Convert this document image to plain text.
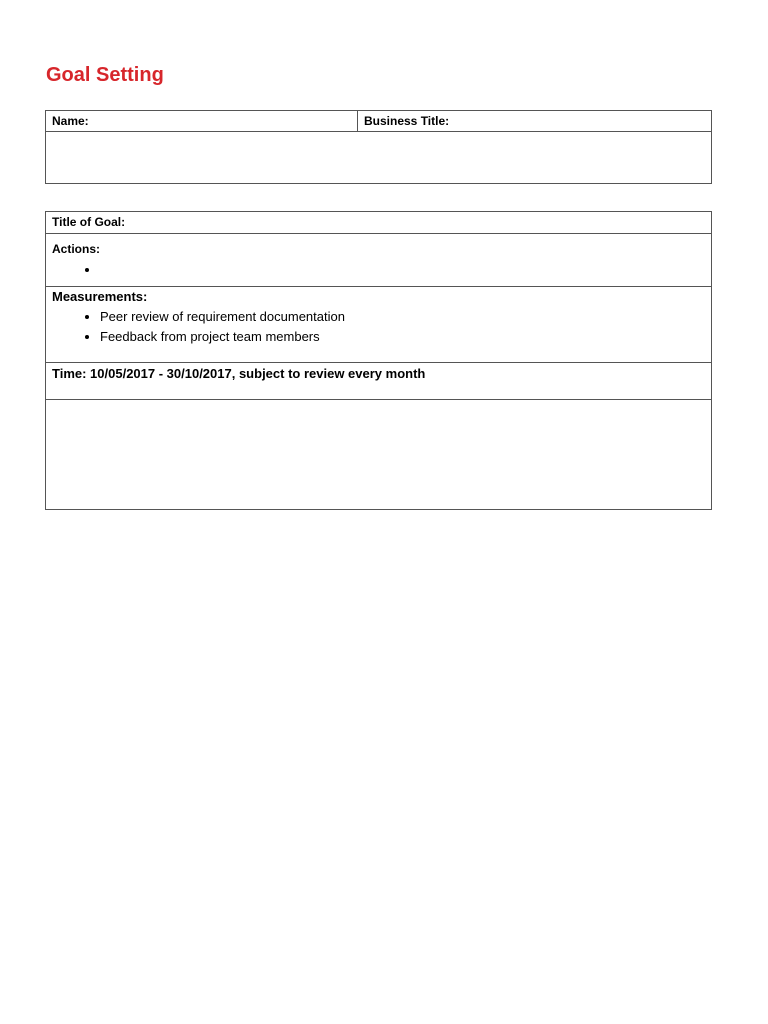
Goal Setting
Name:	Business Title:

Title of Goal:

Actions:
•

Measurements:
• Peer review of requirement documentation
• Feedback from project team members

Time: 10/05/2017 - 30/10/2017, subject to review every month
